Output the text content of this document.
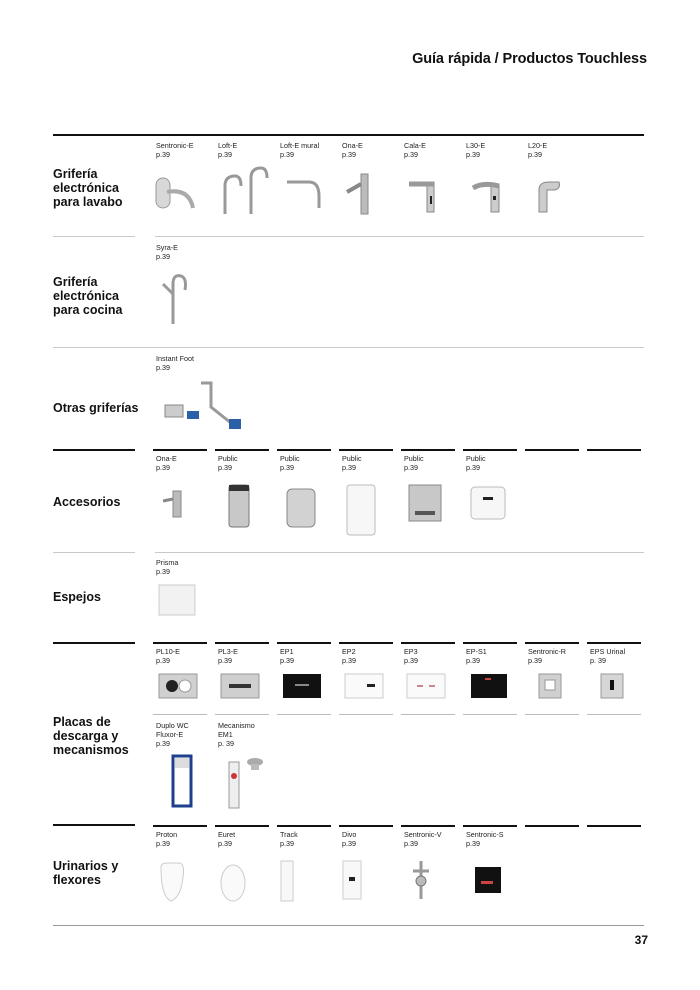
Guía rápida / Productos Touchless
Grifería
electrónica
para lavabo
Sentronic-E
p.39
Loft-E
p.39
Loft-E mural
p.39
Ona-E
p.39
Cala-E
p.39
L30-E
p.39
L20-E
p.39
Grifería
electrónica
para cocina
Syra-E
p.39
Otras griferías
Instant Foot
p.39
Accesorios
Ona-E
p.39
Public
p.39
Public
p.39
Public
p.39
Public
p.39
Public
p.39
Espejos
Prisma
p.39
Placas de
descarga y
mecanismos
PL10-E
p.39
PL3-E
p.39
EP1
p.39
EP2
p.39
EP3
p.39
EP-S1
p.39
Sentronic-R
p.39
EPS Urinal
p. 39
Duplo WC
Fluxor-E
p.39
Mecanismo
EM1
p. 39
Urinarios y
flexores
Proton
p.39
Euret
p.39
Track
p.39
Divo
p.39
Sentronic-V
p.39
Sentronic-S
p.39
37
